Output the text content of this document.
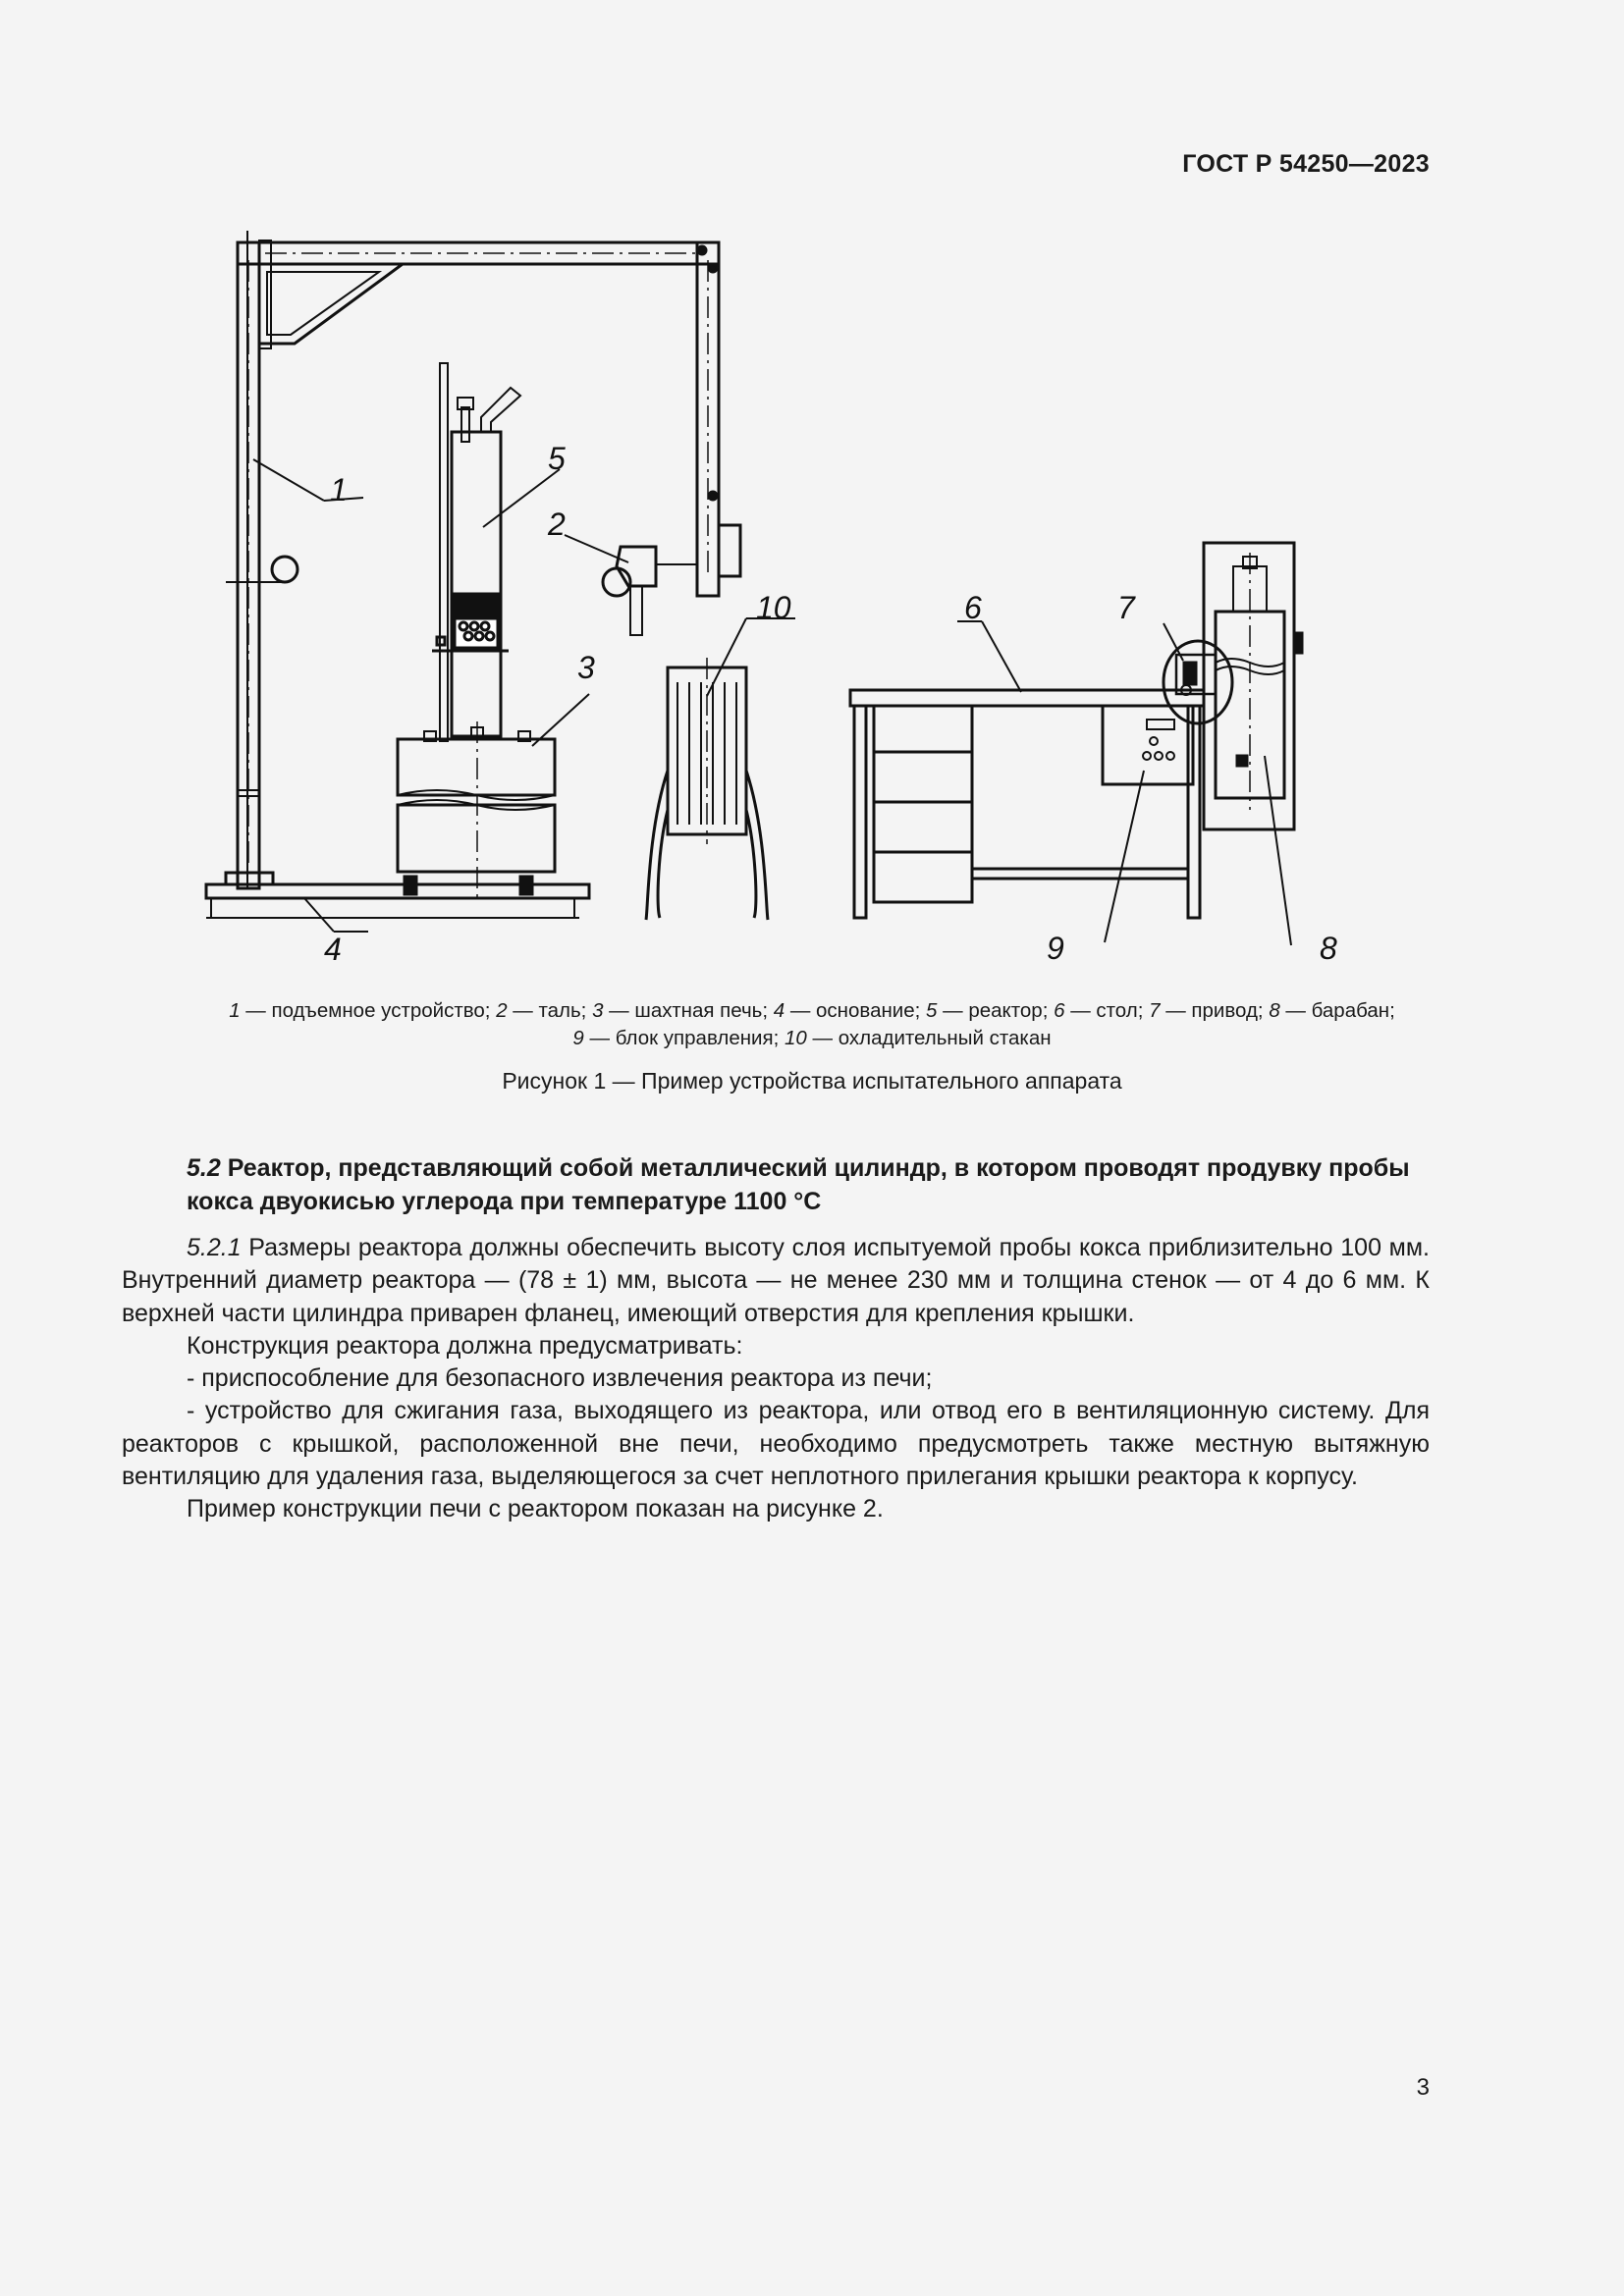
ГОСТ Р 54250—2023
1
2
3
4
5
6	7
8
9
10
1 — подъемное устройство; 2 — таль; 3 — шахтная печь; 4 — основание; 5 — реактор; 6 — стол; 7 — привод; 8 — барабан;
9 — блок управления; 10 — охладительный стакан
Рисунок 1 — Пример устройства испытательного аппарата
5.2 Реактор, представляющий собой металлический цилиндр, в котором проводят продувку пробы кокса двуокисью углерода при температуре 1100 °С

5.2.1 Размеры реактора должны обеспечить высоту слоя испытуемой пробы кокса приблизительно 100 мм. Внутренний диаметр реактора — (78 ± 1) мм, высота — не менее 230 мм и толщина стенок — от 4 до 6 мм. К верхней части цилиндра приварен фланец, имеющий отверстия для крепления крышки.

Конструкция реактора должна предусматривать:

- приспособление для безопасного извлечения реактора из печи;

- устройство для сжигания газа, выходящего из реактора, или отвод его в вентиляционную систему. Для реакторов с крышкой, расположенной вне печи, необходимо предусмотреть также местную вытяжную вентиляцию для удаления газа, выделяющегося за счет неплотного прилегания крышки реактора к корпусу.

Пример конструкции печи с реактором показан на рисунке 2.

3
